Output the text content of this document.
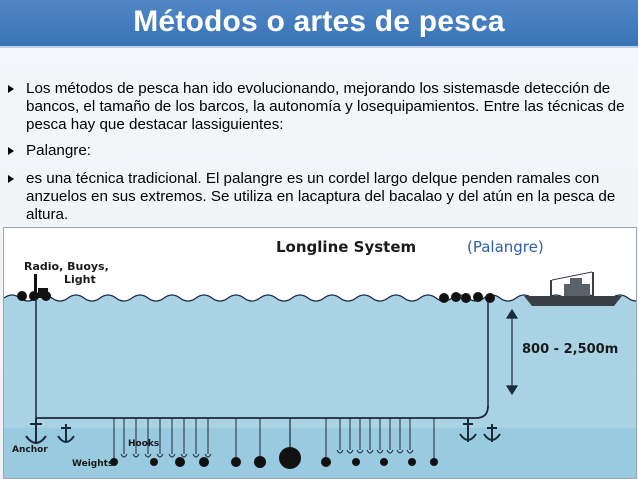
Métodos o artes de pesca
Los métodos de pesca han ido evolucionando, mejorando los sistemasde detección de bancos, el tamaño de los barcos, la autonomía y losequipamientos. Entre las técnicas de pesca hay que destacar lassiguientes:
Palangre:
es una técnica tradicional. El palangre es un cordel largo delque penden ramales con anzuelos en sus extremos. Se utiliza en lacaptura del bacalao y del atún en la pesca de altura.
Longline System	(Palangre)
Radio, Buoys,
Light
800 - 2,500m
Hooks
Anchor
Weights
